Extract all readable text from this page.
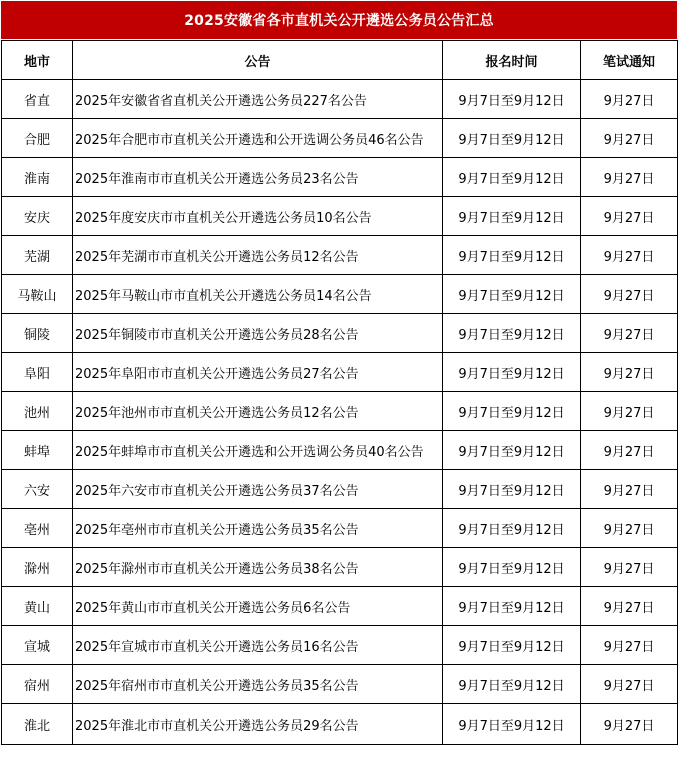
2025安徽省各市直机关公开遴选公务员公告汇总
地市	公告	报名时间	笔试通知
省直	2025年安徽省省直机关公开遴选公务员227名公告	9月7日至9月12日	9月27日
合肥	2025年合肥市市直机关公开遴选和公开选调公务员46名公告	9月7日至9月12日	9月27日
淮南	2025年淮南市市直机关公开遴选公务员23名公告	9月7日至9月12日	9月27日
安庆	2025年度安庆市市直机关公开遴选公务员10名公告	9月7日至9月12日	9月27日
芜湖	2025年芜湖市市直机关公开遴选公务员12名公告	9月7日至9月12日	9月27日
马鞍山	2025年马鞍山市市直机关公开遴选公务员14名公告	9月7日至9月12日	9月27日
铜陵	2025年铜陵市市直机关公开遴选公务员28名公告	9月7日至9月12日	9月27日
阜阳	2025年阜阳市市直机关公开遴选公务员27名公告	9月7日至9月12日	9月27日
池州	2025年池州市市直机关公开遴选公务员12名公告	9月7日至9月12日	9月27日
蚌埠	2025年蚌埠市市直机关公开遴选和公开选调公务员40名公告	9月7日至9月12日	9月27日
六安	2025年六安市市直机关公开遴选公务员37名公告	9月7日至9月12日	9月27日
亳州	2025年亳州市市直机关公开遴选公务员35名公告	9月7日至9月12日	9月27日
滁州	2025年滁州市市直机关公开遴选公务员38名公告	9月7日至9月12日	9月27日
黄山	2025年黄山市市直机关公开遴选公务员6名公告	9月7日至9月12日	9月27日
宣城	2025年宣城市市直机关公开遴选公务员16名公告	9月7日至9月12日	9月27日
宿州	2025年宿州市市直机关公开遴选公务员35名公告	9月7日至9月12日	9月27日
淮北	2025年淮北市市直机关公开遴选公务员29名公告	9月7日至9月12日	9月27日
